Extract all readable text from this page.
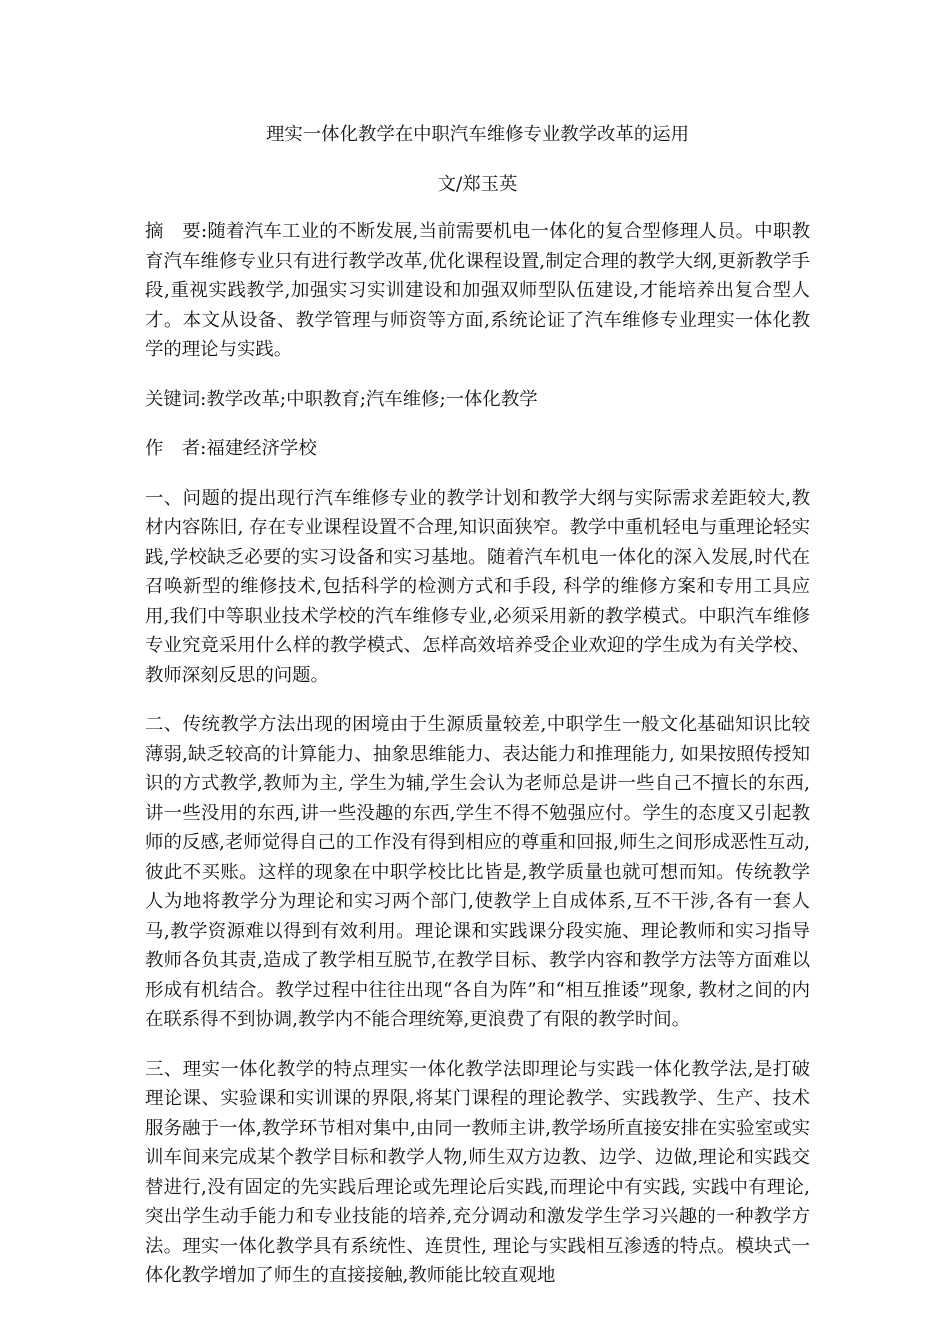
理实一体化教学在中职汽车维修专业教学改革的运用
文/郑玉英

摘　要:随着汽车工业的不断发展,当前需要机电一体化的复合型修理人员。中职教育汽车维修专业只有进行教学改革,优化课程设置,制定合理的教学大纲,更新教学手段,重视实践教学,加强实习实训建设和加强双师型队伍建设,才能培养出复合型人才。本文从设备、教学管理与师资等方面,系统论证了汽车维修专业理实一体化教学的理论与实践。

关键词:教学改革;中职教育;汽车维修;一体化教学

作　者:福建经济学校

一、问题的提出现行汽车维修专业的教学计划和教学大纲与实际需求差距较大,教材内容陈旧, 存在专业课程设置不合理,知识面狭窄。教学中重机轻电与重理论轻实践,学校缺乏必要的实习设备和实习基地。随着汽车机电一体化的深入发展,时代在召唤新型的维修技术,包括科学的检测方式和手段, 科学的维修方案和专用工具应用,我们中等职业技术学校的汽车维修专业,必须采用新的教学模式。中职汽车维修专业究竟采用什么样的教学模式、怎样高效培养受企业欢迎的学生成为有关学校、教师深刻反思的问题。

二、传统教学方法出现的困境由于生源质量较差,中职学生一般文化基础知识比较薄弱,缺乏较高的计算能力、抽象思维能力、表达能力和推理能力, 如果按照传授知识的方式教学,教师为主, 学生为辅,学生会认为老师总是讲一些自己不擅长的东西,讲一些没用的东西,讲一些没趣的东西,学生不得不勉强应付。学生的态度又引起教师的反感,老师觉得自己的工作没有得到相应的尊重和回报,师生之间形成恶性互动,彼此不买账。这样的现象在中职学校比比皆是,教学质量也就可想而知。传统教学人为地将教学分为理论和实习两个部门,使教学上自成体系,互不干涉,各有一套人马,教学资源难以得到有效利用。理论课和实践课分段实施、理论教师和实习指导教师各负其责,造成了教学相互脱节,在教学目标、教学内容和教学方法等方面难以形成有机结合。教学过程中往往出现“各自为阵”和“相互推诿”现象, 教材之间的内在联系得不到协调,教学内不能合理统筹,更浪费了有限的教学时间。

三、理实一体化教学的特点理实一体化教学法即理论与实践一体化教学法,是打破理论课、实验课和实训课的界限,将某门课程的理论教学、实践教学、生产、技术服务融于一体,教学环节相对集中,由同一教师主讲,教学场所直接安排在实验室或实训车间来完成某个教学目标和教学人物,师生双方边教、边学、边做,理论和实践交替进行,没有固定的先实践后理论或先理论后实践,而理论中有实践, 实践中有理论,突出学生动手能力和专业技能的培养,充分调动和激发学生学习兴趣的一种教学方法。理实一体化教学具有系统性、连贯性, 理论与实践相互渗透的特点。模块式一体化教学增加了师生的直接接触,教师能比较直观地
